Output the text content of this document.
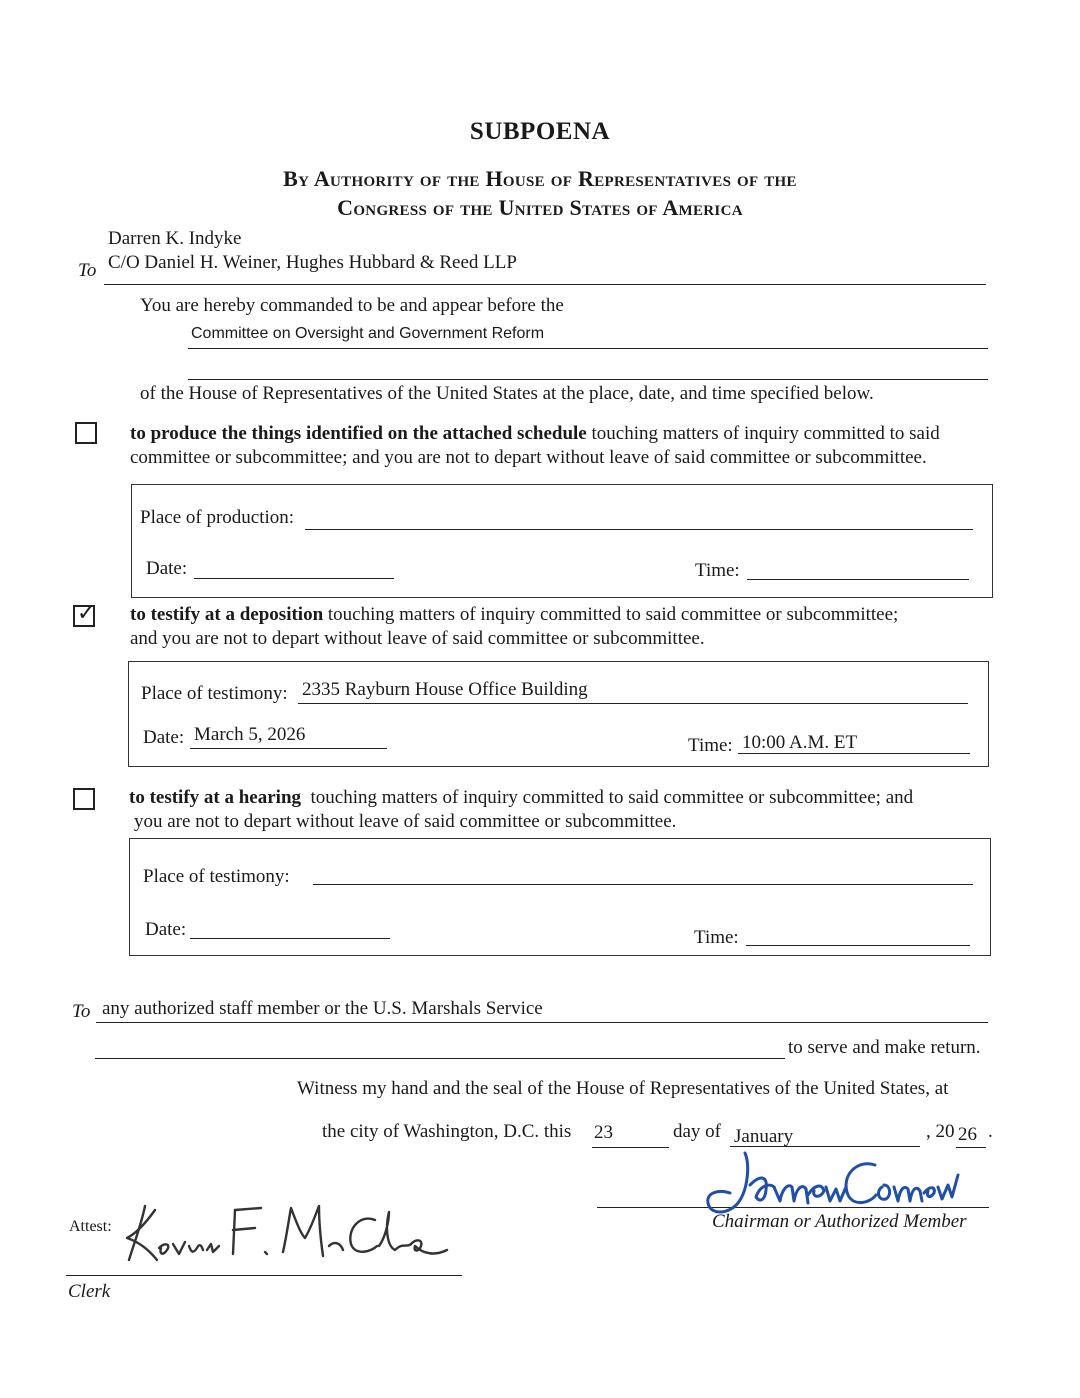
SUBPOENA
By Authority of the House of Representatives of the
Congress of the United States of America
Darren K. Indyke
To C/O Daniel H. Weiner, Hughes Hubbard & Reed LLP
You are hereby commanded to be and appear before the
Committee on Oversight and Government Reform
of the House of Representatives of the United States at the place, date, and time specified below.
to produce the things identified on the attached schedule touching matters of inquiry committed to said
committee or subcommittee; and you are not to depart without leave of said committee or subcommittee.
Place of production:
Date:	Time:
✓ to testify at a deposition touching matters of inquiry committed to said committee or subcommittee;
and you are not to depart without leave of said committee or subcommittee.
Place of testimony: 2335 Rayburn House Office Building
Date: March 5, 2026
Time: 10:00 A.M. ET
to testify at a hearing  touching matters of inquiry committed to said committee or subcommittee; and
you are not to depart without leave of said committee or subcommittee.
Place of testimony:
Date:	Time:
To any authorized staff member or the U.S. Marshals Service
to serve and make return.
Witness my hand and the seal of the House of Representatives of the United States, at
the city of Washington, D.C. this 23	day of January	, 20 26 .
Chairman or Authorized Member
Attest:
Clerk
